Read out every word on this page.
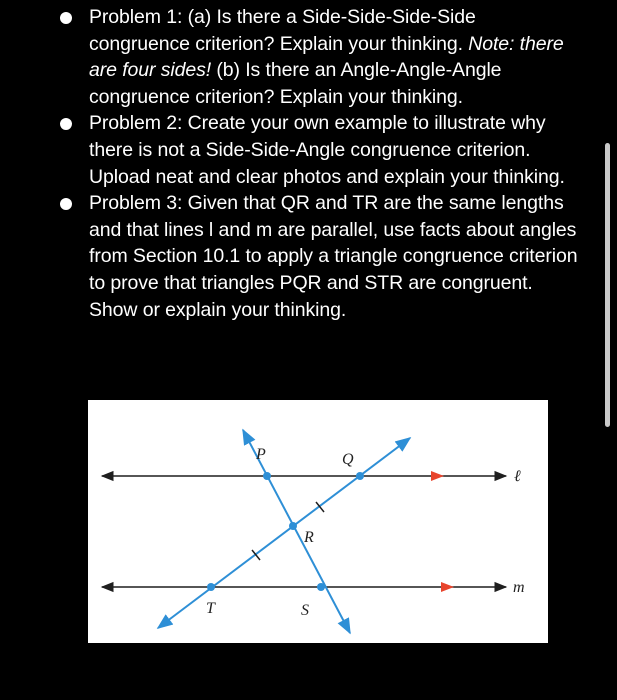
Problem 1: (a) Is there a Side-Side-Side-Side congruence criterion? Explain your thinking. Note: there are four sides! (b) Is there an Angle-Angle-Angle congruence criterion? Explain your thinking.
Problem 2: Create your own example to illustrate why there is not a Side-Side-Angle congruence criterion. Upload neat and clear photos and explain your thinking.
Problem 3: Given that QR and TR are the same lengths and that lines l and m are parallel, use facts about angles from Section 10.1 to apply a triangle congruence criterion to prove that triangles PQR and STR are congruent. Show or explain your thinking.
P	Q
R
T	S
ℓ
m
